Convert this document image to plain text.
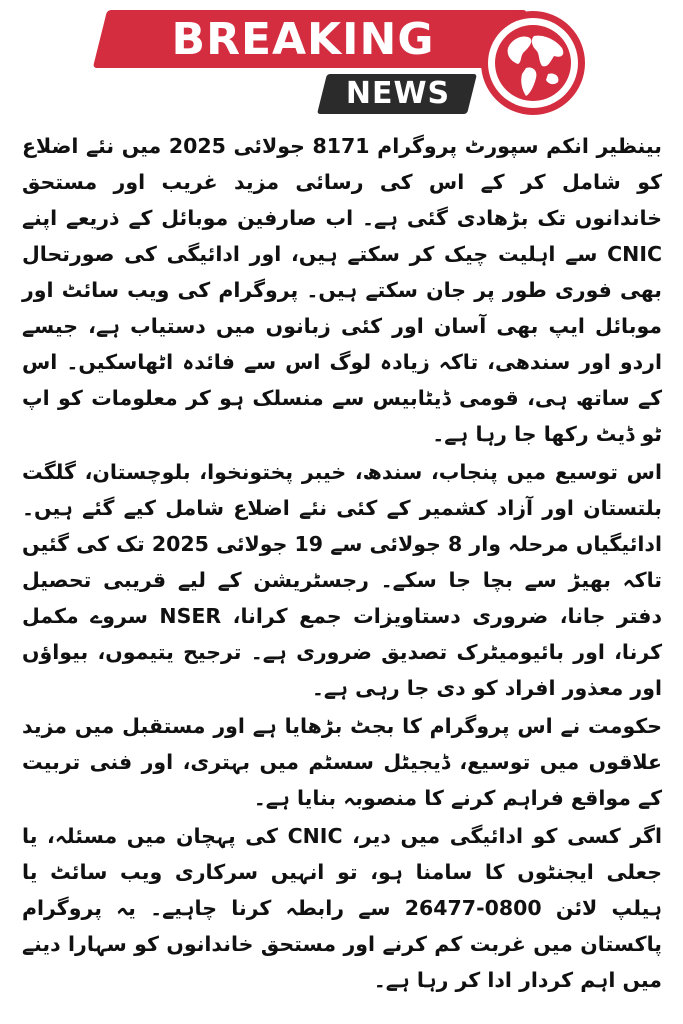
BREAKING
NEWS

بینظیر انکم سپورٹ پروگرام 8171 جولائی 2025 میں نئے اضلاع کو شامل کر کے اس کی رسائی مزید غریب اور مستحق خاندانوں تک بڑھادی گئی ہے۔ اب صارفین موبائل کے ذریعے اپنے CNIC سے اہلیت چیک کر سکتے ہیں، اور ادائیگی کی صورتحال بھی فوری طور پر جان سکتے ہیں۔ پروگرام کی ویب سائٹ اور موبائل ایپ بھی آسان اور کئی زبانوں میں دستیاب ہے، جیسے اردو اور سندھی، تاکہ زیادہ لوگ اس سے فائدہ اٹھاسکیں۔ اس کے ساتھ ہی، قومی ڈیٹابیس سے منسلک ہو کر معلومات کو اپ ٹو ڈیٹ رکھا جا رہا ہے۔

اس توسیع میں پنجاب، سندھ، خیبر پختونخوا، بلوچستان، گلگت بلتستان اور آزاد کشمیر کے کئی نئے اضلاع شامل کیے گئے ہیں۔ ادائیگیاں مرحلہ وار 8 جولائی سے 19 جولائی 2025 تک کی گئیں تاکہ بھیڑ سے بچا جا سکے۔ رجسٹریشن کے لیے قریبی تحصیل دفتر جانا، ضروری دستاویزات جمع کرانا، NSER سروے مکمل کرنا، اور بائیومیٹرک تصدیق ضروری ہے۔ ترجیح یتیموں، بیواؤں اور معذور افراد کو دی جا رہی ہے۔

حکومت نے اس پروگرام کا بجٹ بڑھایا ہے اور مستقبل میں مزید علاقوں میں توسیع، ڈیجیٹل سسٹم میں بہتری، اور فنی تربیت کے مواقع فراہم کرنے کا منصوبہ بنایا ہے۔

اگر کسی کو ادائیگی میں دیر، CNIC کی پہچان میں مسئلہ، یا جعلی ایجنٹوں کا سامنا ہو، تو انہیں سرکاری ویب سائٹ یا ہیلپ لائن 0800-26477 سے رابطہ کرنا چاہیے۔ یہ پروگرام پاکستان میں غربت کم کرنے اور مستحق خاندانوں کو سہارا دینے میں اہم کردار ادا کر رہا ہے۔
